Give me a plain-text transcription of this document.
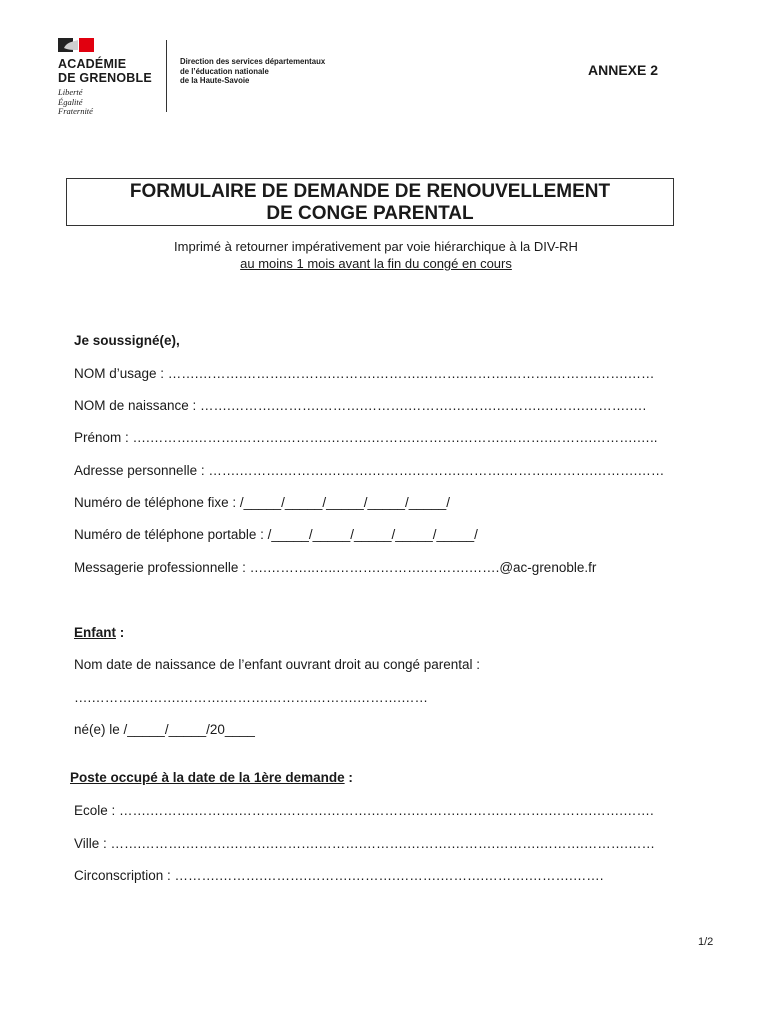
ACADÉMIE
DE GRENOBLE
Liberté
Égalité
Fraternité
Direction des services départementaux
de l’éducation nationale
de la Haute-Savoie
ANNEXE 2
FORMULAIRE DE DEMANDE DE RENOUVELLEMENT
DE CONGE PARENTAL
Imprimé à retourner impérativement par voie hiérarchique à la DIV-RH
au moins 1 mois avant la fin du congé en cours
Je soussigné(e),
NOM d’usage : …….……….……….……….……….……….……….……….……….……….…….……
NOM de naissance : …….……….……….……….……….……….……….……….……….……….….
Prénom : ….……….……….……….……….……….……….……….……….……….……….……….…..
Adresse personnelle : …….……….……….……….……….……….……….……….……….……….……
Numéro de téléphone fixe : /_____/_____/_____/_____/_____/
Numéro de téléphone portable : /_____/_____/_____/_____/_____/
Messagerie professionnelle : ….………..…..……….……….……….…….@ac-grenoble.fr
Enfant :
Nom date de naissance de l’enfant ouvrant droit au congé parental :
….……….……….……….……….……….……….……….……
né(e) le /_____/_____/20____
Poste occupé à la date de la 1ère demande :
Ecole : …….……….……….……….……….……….……….……….……….……….……….…….…….
Ville : …….……….……….……….……….……….……….……….……….……….……….……….……
Circonscription : ……….……….……….……….……….……….……….……….……….…….
1/2
